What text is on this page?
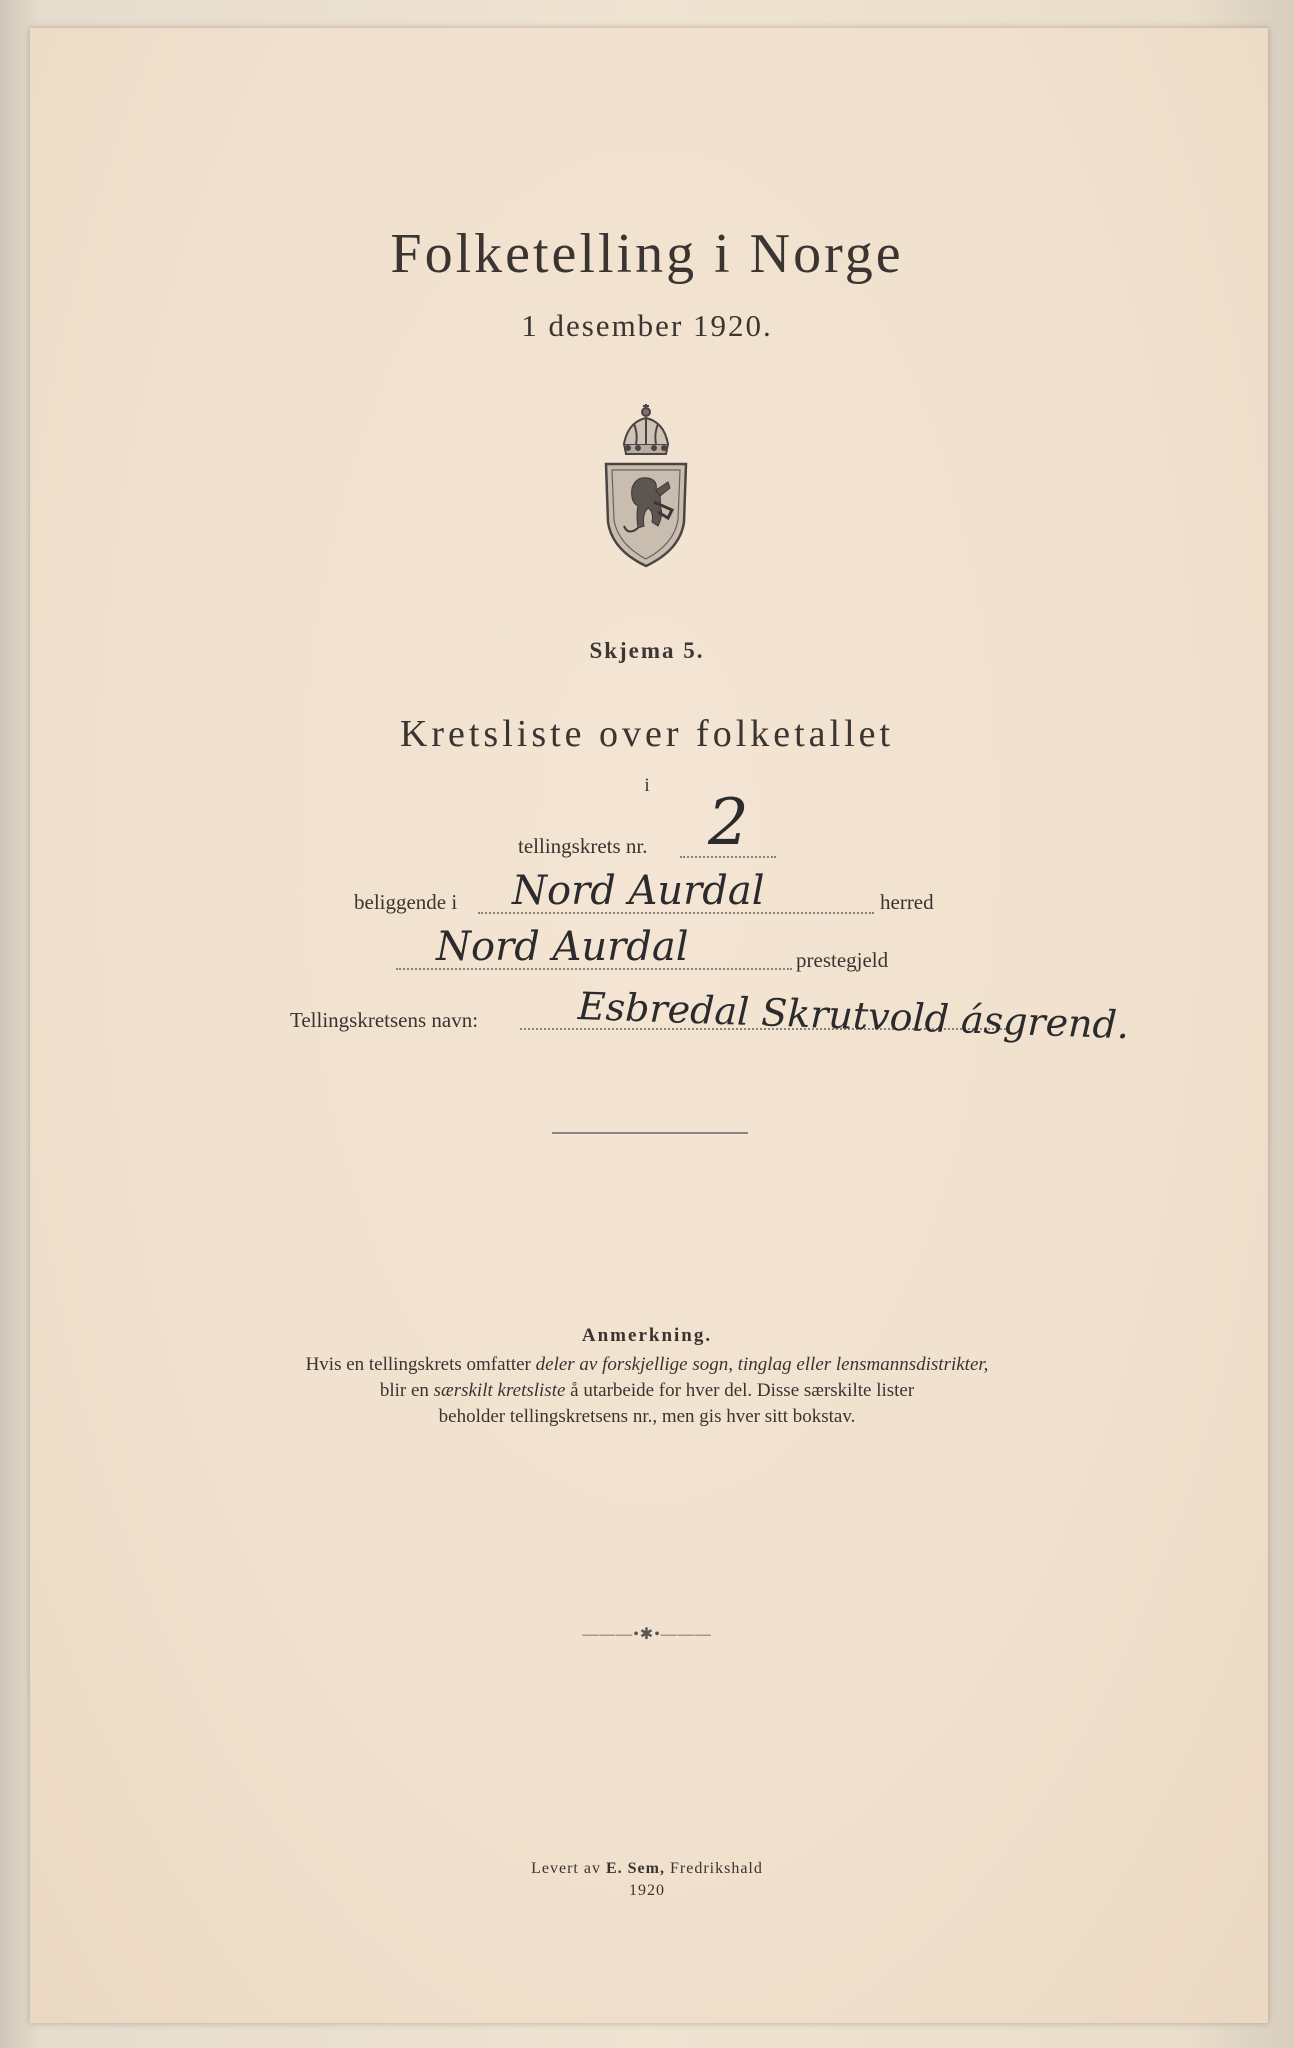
Folketelling i Norge
1 desember 1920.
Skjema 5.
Kretsliste over folketallet
i
tellingskrets nr. 2
beliggende i Nord Aurdal	herred
Nord Aurdal	prestegjeld
Tellingskretsens navn:	Esbredal Skrutvold ásgrend.
Anmerkning.
Hvis en tellingskrets omfatter deler av forskjellige sogn, tinglag eller lensmannsdistrikter,
blir en særskilt kretsliste å utarbeide for hver del. Disse særskilte lister
beholder tellingskretsens nr., men gis hver sitt bokstav.
———•✱•———
Levert av E. Sem, Fredrikshald
1920
